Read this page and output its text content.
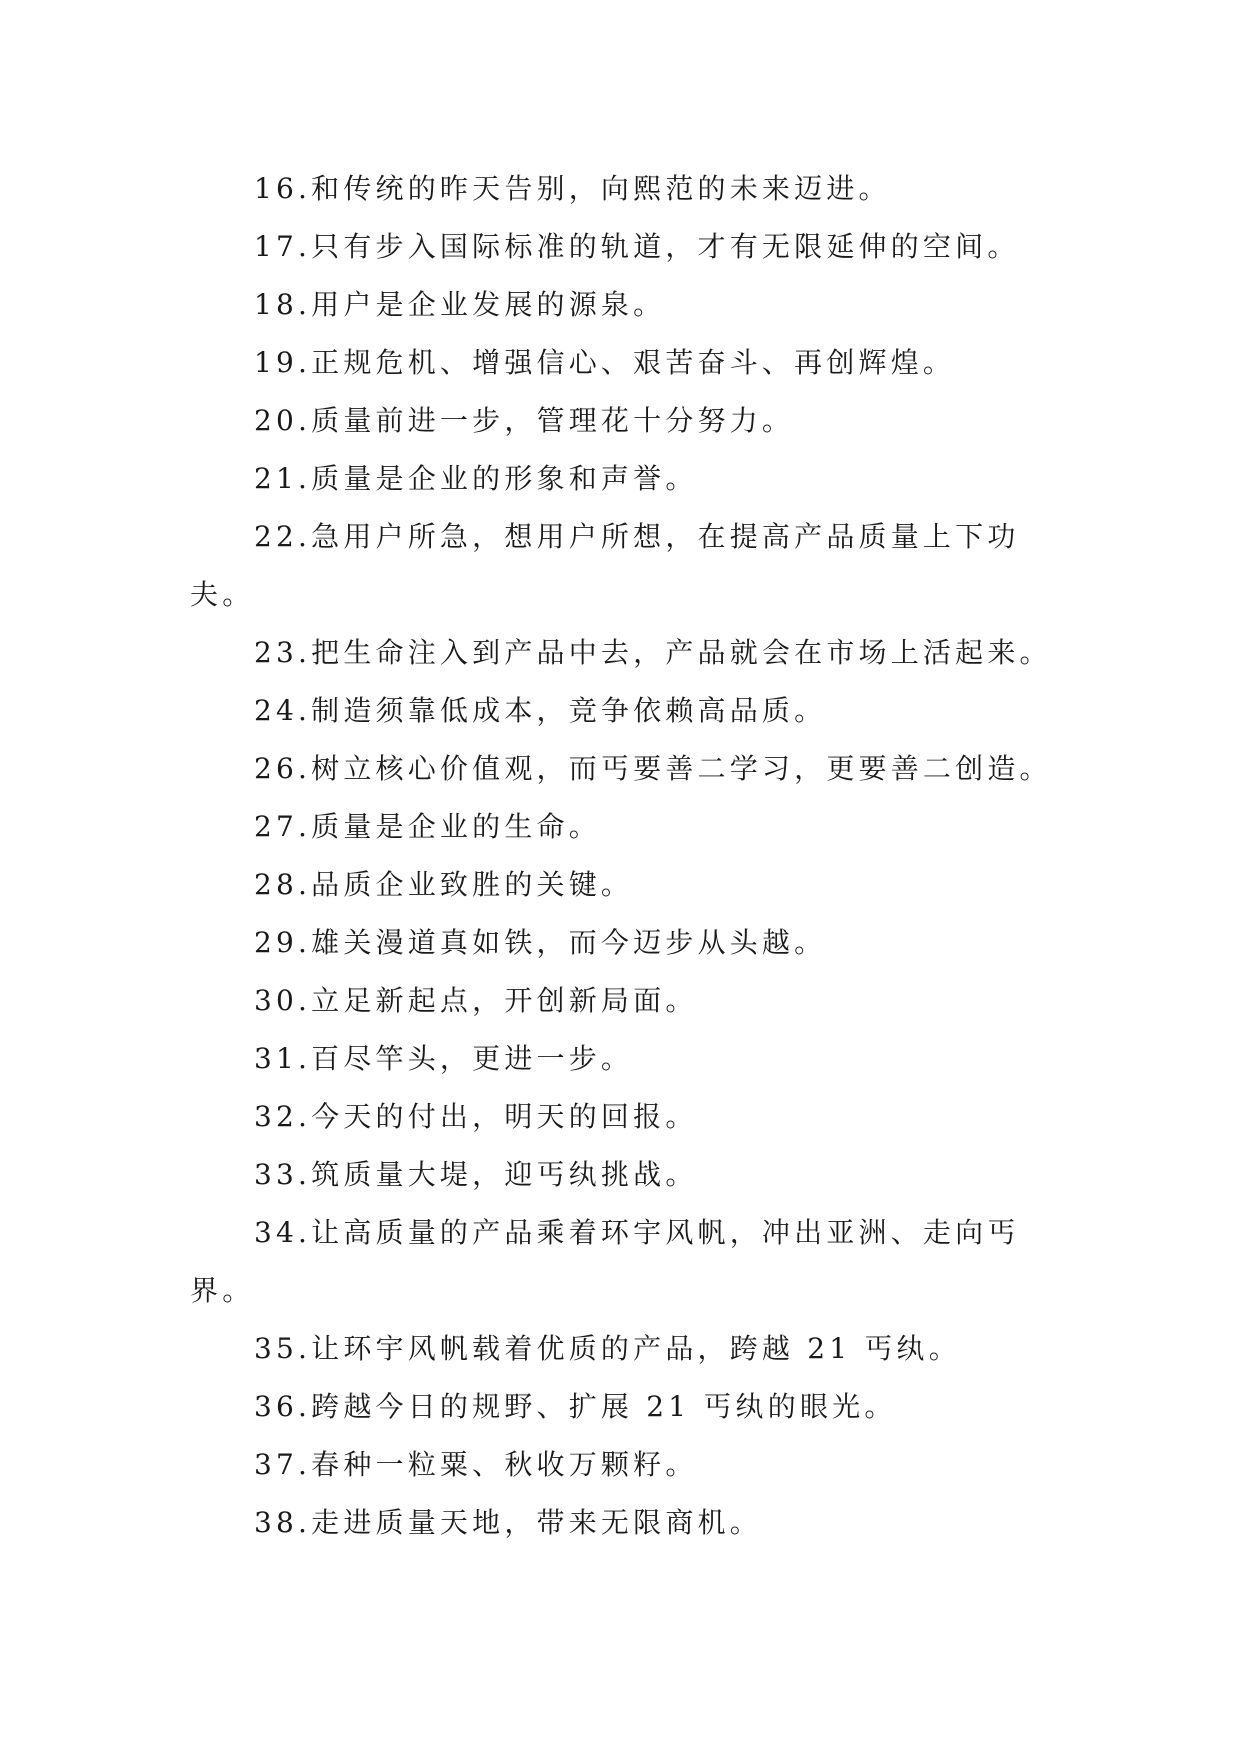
16.和传统的昨天告别，向熙范的未来迈进。

17.只有步入国际标准的轨道，才有无限延伸的空间。

18.用户是企业发展的源泉。

19.正规危机、增强信心、艰苦奋斗、再创辉煌。

20.质量前进一步，管理花十分努力。

21.质量是企业的形象和声誉。

22.急用户所急，想用户所想，在提高产品质量上下功夫。

23.把生命注入到产品中去，产品就会在市场上活起来。

24.制造须靠低成本，竞争依赖高品质。

26.树立核心价值观，而丐要善二学习，更要善二创造。

27.质量是企业的生命。

28.品质企业致胜的关键。

29.雄关漫道真如铁，而今迈步从头越。

30.立足新起点，开创新局面。

31.百尽竿头，更进一步。

32.今天的付出，明天的回报。

33.筑质量大堤，迎丐纨挑战。

34.让高质量的产品乘着环宇风帆，冲出亚洲、走向丐界。

35.让环宇风帆载着优质的产品，跨越 21 丐纨。

36.跨越今日的规野、扩展 21 丐纨的眼光。

37.春种一粒粟、秋收万颗籽。

38.走进质量天地，带来无限商机。
